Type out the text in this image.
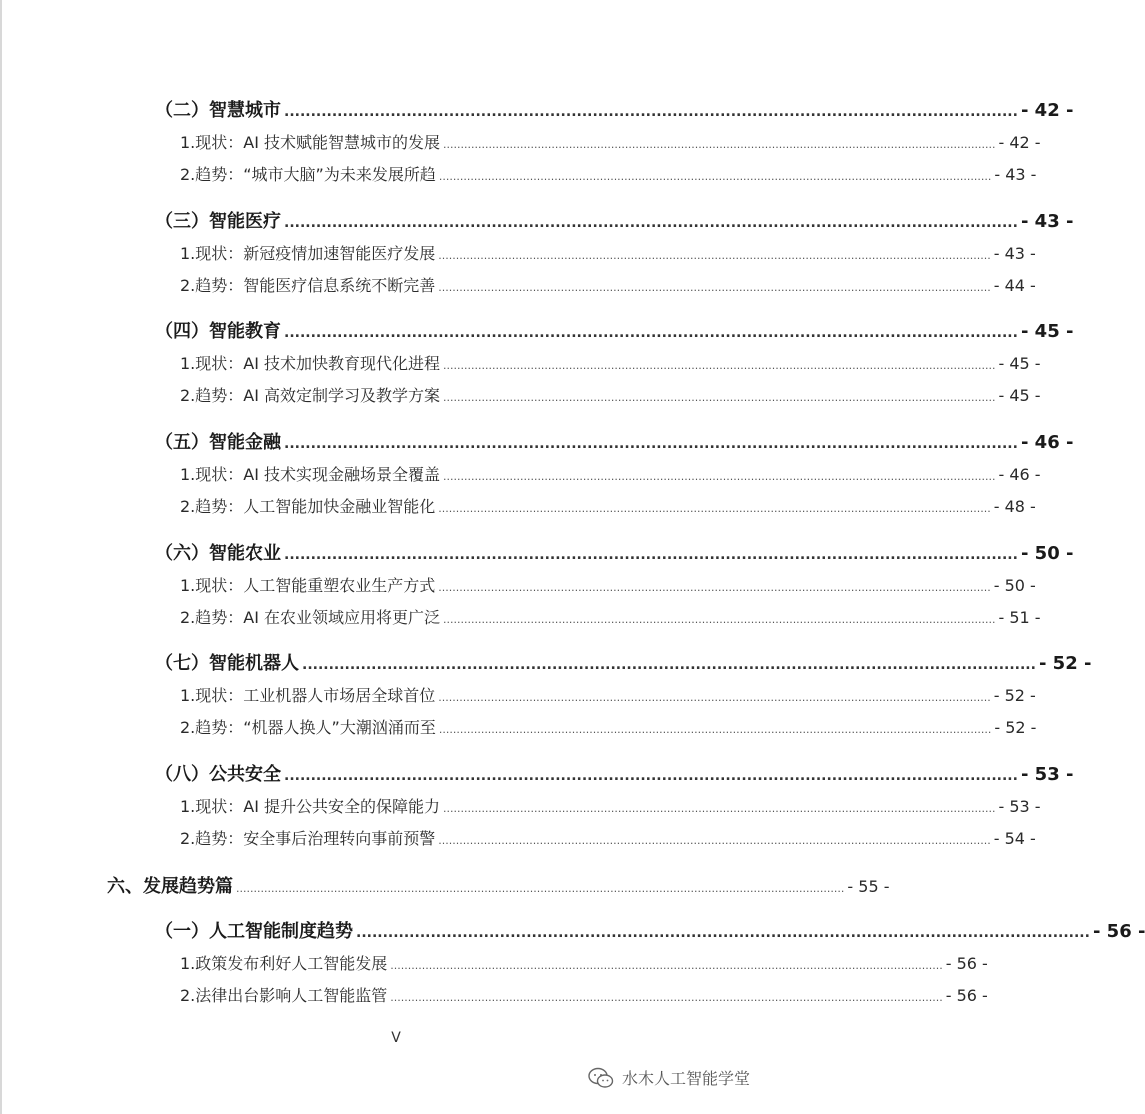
（二）智慧城市 .......................................................................................................................................... - 42 -
1.现状：AI 技术赋能智慧城市的发展 .............................................................................................................................................................. - 42 -
2.趋势：“城市大脑”为未来发展所趋 .............................................................................................................................................................. - 43 -
（三）智能医疗 .......................................................................................................................................... - 43 -
1.现状：新冠疫情加速智能医疗发展 .............................................................................................................................................................. - 43 -
2.趋势：智能医疗信息系统不断完善 .............................................................................................................................................................. - 44 -
（四）智能教育 .......................................................................................................................................... - 45 -
1.现状：AI 技术加快教育现代化进程 .............................................................................................................................................................. - 45 -
2.趋势：AI 高效定制学习及教学方案 .............................................................................................................................................................. - 45 -
（五）智能金融 .......................................................................................................................................... - 46 -
1.现状：AI 技术实现金融场景全覆盖 .............................................................................................................................................................. - 46 -
2.趋势：人工智能加快金融业智能化 .............................................................................................................................................................. - 48 -
（六）智能农业 .......................................................................................................................................... - 50 -
1.现状：人工智能重塑农业生产方式 .............................................................................................................................................................. - 50 -
2.趋势：AI 在农业领域应用将更广泛 .............................................................................................................................................................. - 51 -
（七）智能机器人 .......................................................................................................................................... - 52 -
1.现状：工业机器人市场居全球首位 .............................................................................................................................................................. - 52 -
2.趋势：“机器人换人”大潮汹涌而至 .............................................................................................................................................................. - 52 -
（八）公共安全 .......................................................................................................................................... - 53 -
1.现状：AI 提升公共安全的保障能力 .............................................................................................................................................................. - 53 -
2.趋势：安全事后治理转向事前预警 .............................................................................................................................................................. - 54 -
六、发展趋势篇 .............................................................................................................................................................................. - 55 -
（一）人工智能制度趋势 .......................................................................................................................................... - 56 -
1.政策发布利好人工智能发展 .............................................................................................................................................................. - 56 -
2.法律出台影响人工智能监管 .............................................................................................................................................................. - 56 -
V
水木人工智能学堂
